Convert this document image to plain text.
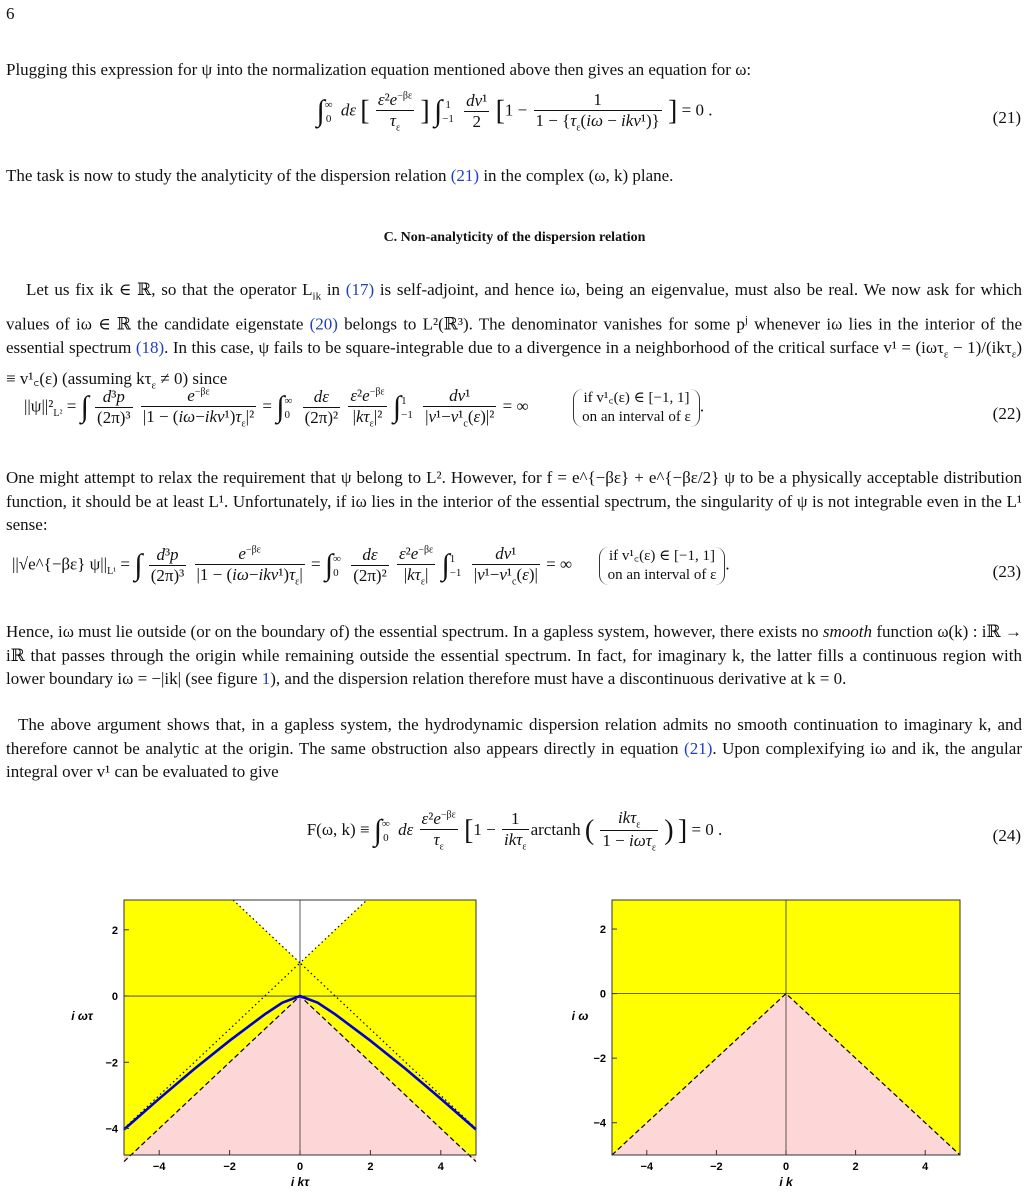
6
Plugging this expression for ψ into the normalization equation mentioned above then gives an equation for ω:
∫ ∞
0 dε [ $\frac{\varepsilon^2e^{-\beta\varepsilon}}{\tau_\varepsilon}$ ] ∫ 1
−1
$\frac{\text{dv¹}}{2} [1 - \frac{1}{1 - \{\tau_\varepsilon(i\omega - ikv^1)\}}$ ] = 0 .	(21)
The task is now to study the analyticity of the dispersion relation (21) in the complex (ω, k) plane.
C. Non-analyticity of the dispersion relation
Let us fix ik ∈ ℝ, so that the operator $L_{ik}$ in (17) is self-adjoint, and hence iω, being an eigenvalue, must also be real. We now ask for which values of iω ∈ ℝ the candidate eigenstate (20) belongs to L²(ℝ³). The denominator vanishes for some $p^j$ whenever iω lies in the interior of the essential spectrum (18). In this case, ψ fails to be square-integrable due to a divergence in a neighborhood of the critical surface v¹ = (iωτ$_\varepsilon$ − 1)/(ikτ$_\varepsilon$) ≡ v¹꜀(ε) (assuming $k\tau_\varepsilon \ne 0$) since
$||\psi||^2_{L^2}$ = ∫ $\frac{\text{d³p}}{\text{(2π)³}}$
$\frac{e^{-\beta\varepsilon}}{|1 - (i\omega-ikv^1)\tau_\varepsilon|^2}$ = ∫ ∞
0
$\frac{d\varepsilon}{\text{(2π)²}}$
$\frac{\varepsilon^2e^{-\beta\varepsilon}}{|k\tau_\varepsilon|^2}$ ∫ 1
−1
$\frac{\text{dv¹}}{|v^1-v^1_c(\varepsilon)|^2}$ = ∞	if v¹꜀(ε) ∈ [−1, 1]
on an interval of ε
.	(22)
One might attempt to relax the requirement that ψ belong to L². However, for f = e^{−βε} + e^{−βε/2} ψ to be a physically acceptable distribution function, it should be at least L¹. Unfortunately, if iω lies in the interior of the essential spectrum, the singularity of ψ is not integrable even in the L¹ sense:
||√e^{−βε} $\psi||_{L^1}$ = ∫ $\frac{\text{d³p}}{\text{(2π)³}}$
$\frac{e^{-\beta\varepsilon}}{|1 - (i\omega-ikv^1)\tau_\varepsilon|}$ = ∫ ∞
0
$\frac{d\varepsilon}{\text{(2π)²}}$
$\frac{\varepsilon^2e^{-\beta\varepsilon}}{|k\tau_\varepsilon|}$ ∫ 1
−1
$\frac{\text{dv¹}}{|v^1-v^1_c(\varepsilon)|}$ = ∞ if v¹꜀(ε) ∈ [−1, 1]
on an interval of ε
.	(23)
Hence, iω must lie outside (or on the boundary of) the essential spectrum. In a gapless system, however, there exists no smooth function ω(k) : iℝ → iℝ that passes through the origin while remaining outside the essential spectrum. In fact, for imaginary k, the latter fills a continuous region with lower boundary iω = −|ik| (see figure 1), and the dispersion relation therefore must have a discontinuous derivative at k = 0.
The above argument shows that, in a gapless system, the hydrodynamic dispersion relation admits no smooth continuation to imaginary k, and therefore cannot be analytic at the origin. The same obstruction also appears directly in equation (21). Upon complexifying iω and ik, the angular integral over v¹ can be evaluated to give
F(ω, k) ≡ ∫ ∞
0 dε $\frac{\varepsilon^2e^{-\beta\varepsilon}}{\tau_\varepsilon} [1 - \frac{1}{ik\tau_\varepsilon}$ arctanh ( $\frac{ik\tau_\varepsilon}{1 - i\omega\tau_\varepsilon}$ ) ] = 0 .	(24)
−4	−2	0	2	4
−4
−2
0
2
i kτ
i ωτ
−4	−2	0	2	4
−4
−2
0
2
i k
i ω
